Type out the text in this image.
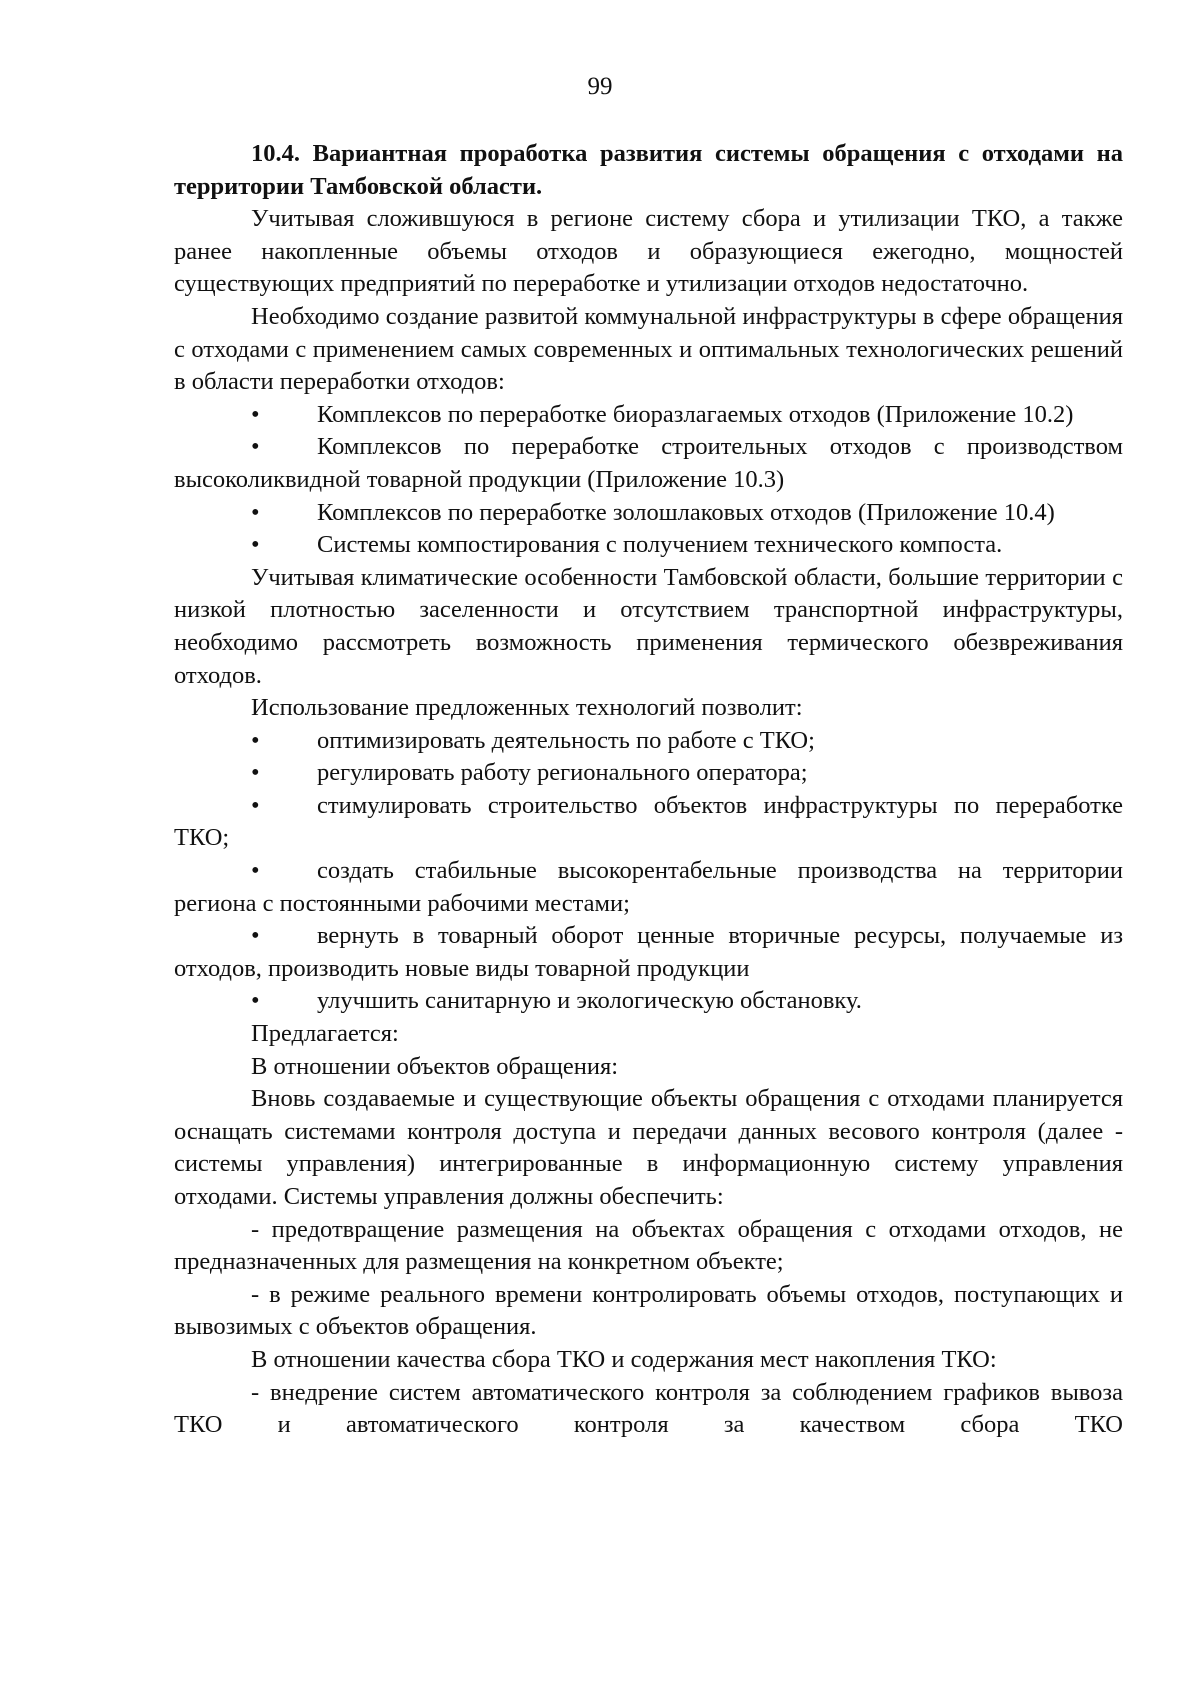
99

10.4. Вариантная проработка развития системы обращения с отходами на территории Тамбовской области.

Учитывая сложившуюся в регионе систему сбора и утилизации ТКО, а также ранее накопленные объемы отходов и образующиеся ежегодно, мощностей существующих предприятий по переработке и утилизации отходов недостаточно.

Необходимо создание развитой коммунальной инфраструктуры в сфере обращения с отходами с применением самых современных и оптимальных технологических решений в области переработки отходов:

• Комплексов по переработке биоразлагаемых отходов (Приложение 10.2)

• Комплексов по переработке строительных отходов с производством высоколиквидной товарной продукции (Приложение 10.3)

• Комплексов по переработке золошлаковых отходов (Приложение 10.4)

• Системы компостирования с получением технического компоста.

Учитывая климатические особенности Тамбовской области, большие территории с низкой плотностью заселенности и отсутствием транспортной инфраструктуры, необходимо рассмотреть возможность применения термического обезвреживания отходов.

Использование предложенных технологий позволит:

• оптимизировать деятельность по работе с ТКО;

• регулировать работу регионального оператора;

• стимулировать строительство объектов инфраструктуры по переработке ТКО;

• создать стабильные высокорентабельные производства на территории региона с постоянными рабочими местами;

• вернуть в товарный оборот ценные вторичные ресурсы, получаемые из отходов, производить новые виды товарной продукции

• улучшить санитарную и экологическую обстановку.

Предлагается:

В отношении объектов обращения:

Вновь создаваемые и существующие объекты обращения с отходами планируется оснащать системами контроля доступа и передачи данных весового контроля (далее - системы управления) интегрированные в информационную систему управления отходами. Системы управления должны обеспечить:

- предотвращение размещения на объектах обращения с отходами отходов, не предназначенных для размещения на конкретном объекте;

- в режиме реального времени контролировать объемы отходов, поступающих и вывозимых с объектов обращения.

В отношении качества сбора ТКО и содержания мест накопления ТКО:

- внедрение систем автоматического контроля за соблюдением графиков вывоза ТКО и автоматического контроля за качеством сбора ТКО
